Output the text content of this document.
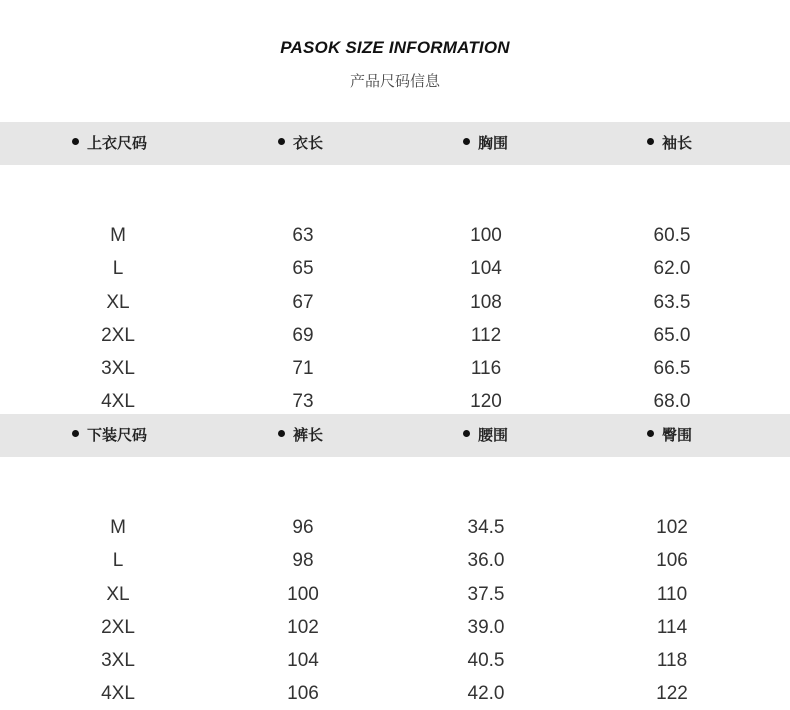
PASOK SIZE INFORMATION
产品尺码信息
上衣尺码	衣长	胸围	袖长
M	63	100	60.5
L	65	104	62.0
XL	67	108	63.5
2XL	69	112	65.0
3XL	71	116	66.5
4XL	73	120	68.0
下装尺码	裤长	腰围	臀围
M	96	34.5	102
L	98	36.0	106
XL	100	37.5	110
2XL	102	39.0	114
3XL	104	40.5	118
4XL	106	42.0	122
